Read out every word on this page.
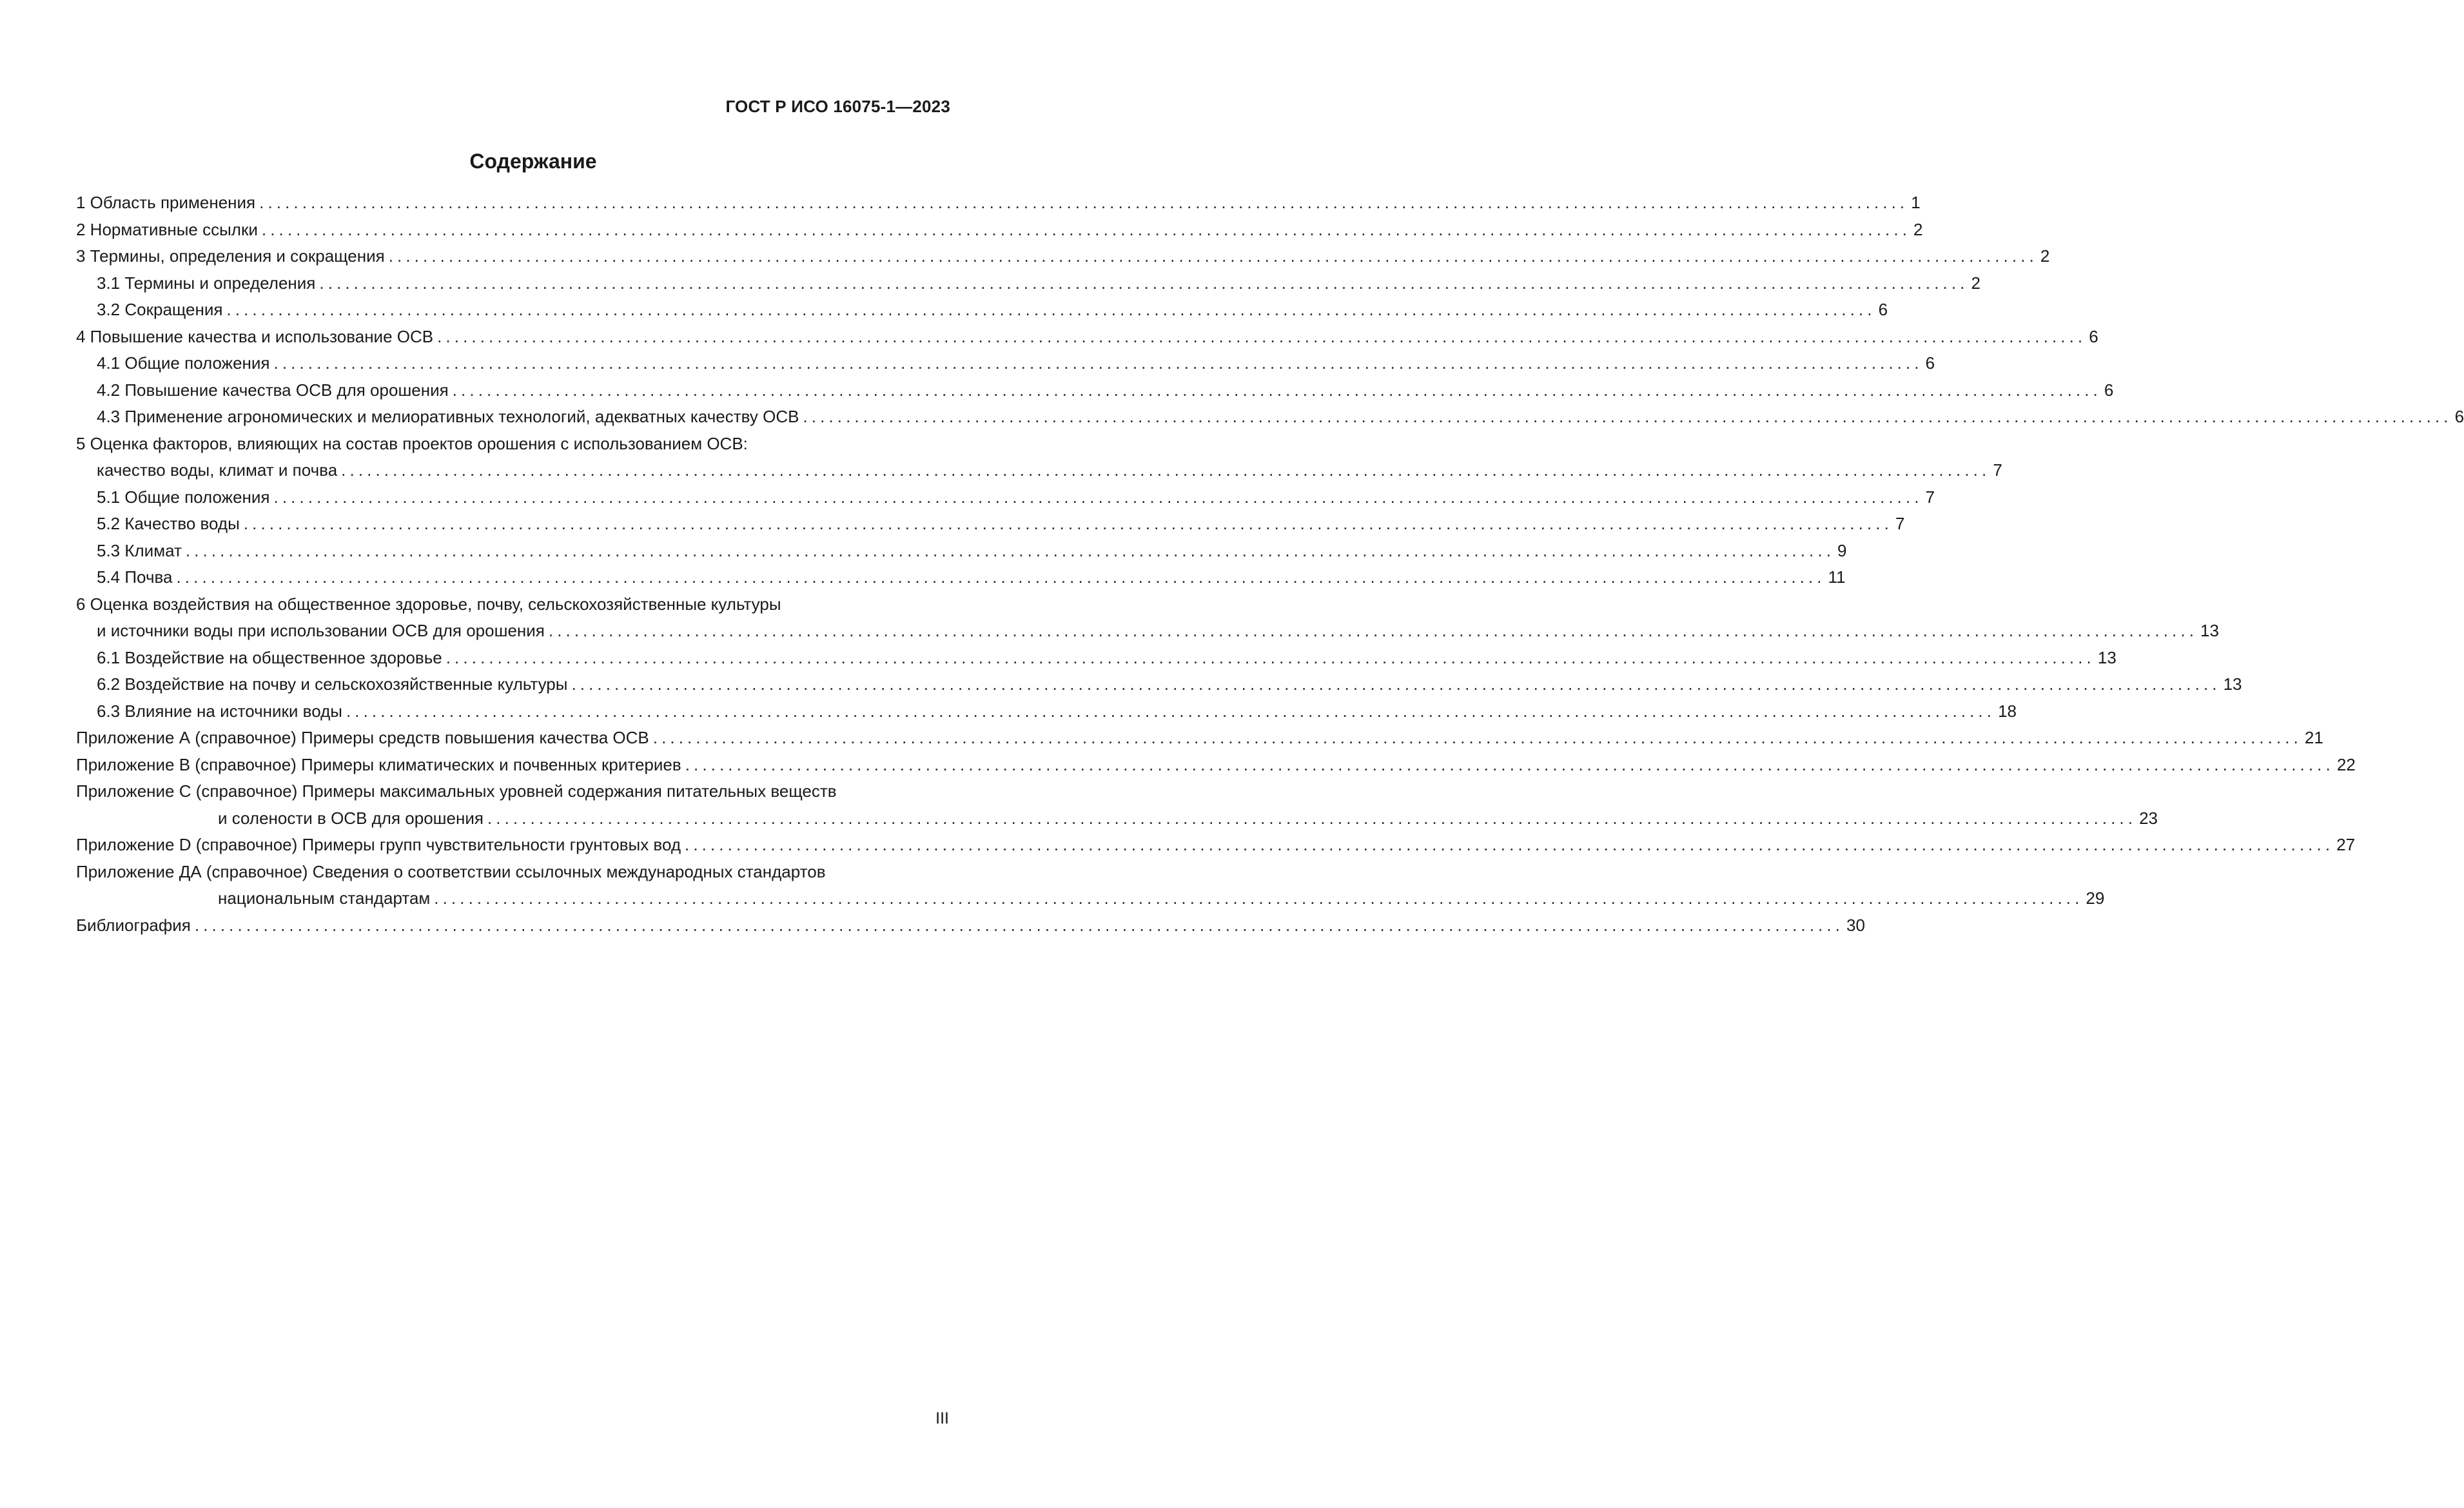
ГОСТ Р ИСО 16075-1—2023
Содержание
1 Область применения ................................................................................................................................................................................................ 1
2 Нормативные ссылки ................................................................................................................................................................................................ 2
3 Термины, определения и сокращения ................................................................................................................................................................................................ 2
3.1 Термины и определения ................................................................................................................................................................................................ 2
3.2 Сокращения ................................................................................................................................................................................................ 6
4 Повышение качества и использование ОСВ ................................................................................................................................................................................................ 6
4.1 Общие положения ................................................................................................................................................................................................ 6
4.2 Повышение качества ОСВ для орошения ................................................................................................................................................................................................ 6
4.3 Применение агрономических и мелиоративных технологий, адекватных качеству ОСВ ................................................................................................................................................................................................ 6
5 Оценка факторов, влияющих на состав проектов орошения с использованием ОСВ:
качество воды, климат и почва ................................................................................................................................................................................................ 7
5.1 Общие положения ................................................................................................................................................................................................ 7
5.2 Качество воды ................................................................................................................................................................................................ 7
5.3 Климат ................................................................................................................................................................................................ 9
5.4 Почва ................................................................................................................................................................................................ 11
6 Оценка воздействия на общественное здоровье, почву, сельскохозяйственные культуры
и источники воды при использовании ОСВ для орошения ................................................................................................................................................................................................ 13
6.1 Воздействие на общественное здоровье ................................................................................................................................................................................................ 13
6.2 Воздействие на почву и сельскохозяйственные культуры ................................................................................................................................................................................................ 13
6.3 Влияние на источники воды ................................................................................................................................................................................................ 18
Приложение А (справочное) Примеры средств повышения качества ОСВ ................................................................................................................................................................................................ 21
Приложение В (справочное) Примеры климатических и почвенных критериев ................................................................................................................................................................................................ 22
Приложение С (справочное) Примеры максимальных уровней содержания питательных веществ
и солености в ОСВ для орошения ................................................................................................................................................................................................ 23
Приложение D (справочное) Примеры групп чувствительности грунтовых вод ................................................................................................................................................................................................ 27
Приложение ДА (справочное) Сведения о соответствии ссылочных международных стандартов
национальным стандартам ................................................................................................................................................................................................ 29
Библиография ................................................................................................................................................................................................ 30
III
